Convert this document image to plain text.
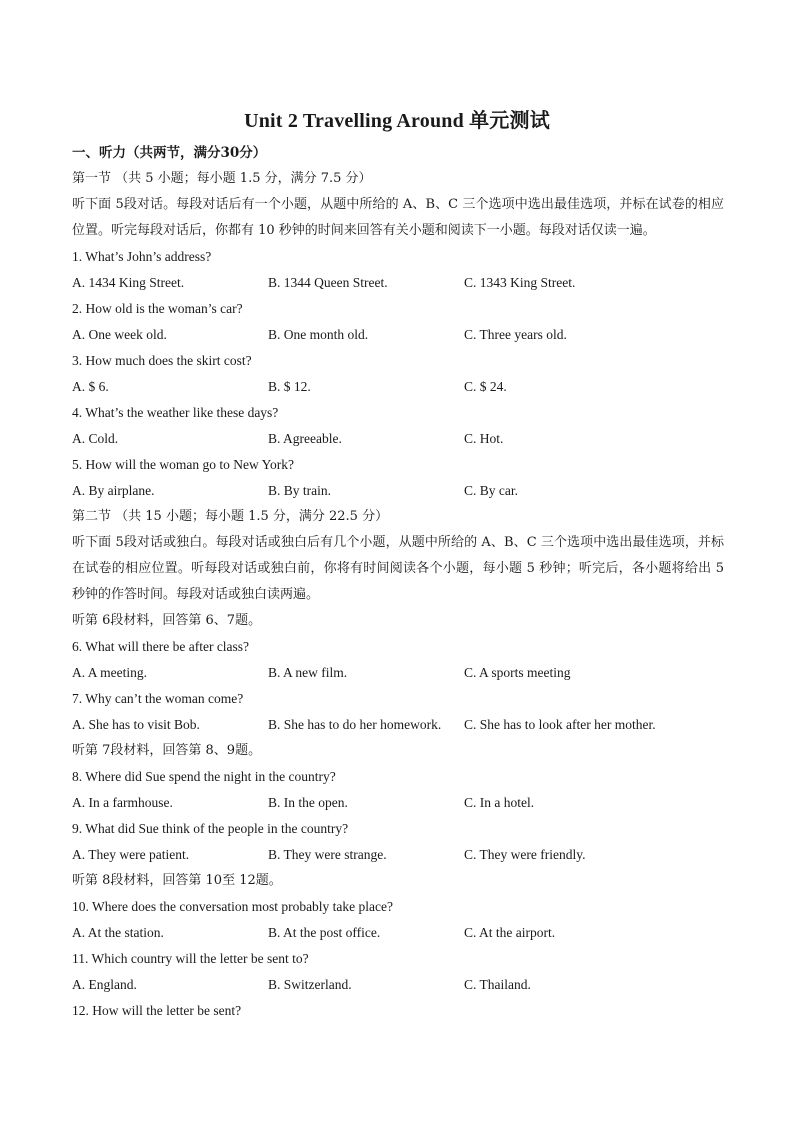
Unit 2 Travelling Around 单元测试
一、听力（共两节，满分30分）
第一节 （共 5 小题；每小题 1.5 分，满分 7.5 分）
听下面 5段对话。每段对话后有一个小题，从题中所给的 A、B、C 三个选项中选出最佳选项，并标在试卷的相应位置。听完每段对话后，你都有 10 秒钟的时间来回答有关小题和阅读下一小题。每段对话仅读一遍。
1. What’s John’s address?
A. 1434 King Street.	B. 1344 Queen Street.	C. 1343 King Street.
2. How old is the woman’s car?
A. One week old.	B. One month old.	C. Three years old.
3. How much does the skirt cost?
A. $ 6.	B. $ 12.	C. $ 24.
4. What’s the weather like these days?
A. Cold.	B. Agreeable.	C. Hot.
5. How will the woman go to New York?
A. By airplane.	B. By train.	C. By car.
第二节 （共 15 小题；每小题 1.5 分，满分 22.5 分）
听下面 5段对话或独白。每段对话或独白后有几个小题，从题中所给的 A、B、C 三个选项中选出最佳选项，并标在试卷的相应位置。听每段对话或独白前，你将有时间阅读各个小题，每小题 5 秒钟；听完后，各小题将给出 5 秒钟的作答时间。每段对话或独白读两遍。
听第 6段材料，回答第 6、7题。
6. What will there be after class?
A. A meeting.	B. A new film.	C. A sports meeting
7. Why can’t the woman come?
A. She has to visit Bob.	B. She has to do her homework. C. She has to look after her mother.
听第 7段材料，回答第 8、9题。
8. Where did Sue spend the night in the country?
A. In a farmhouse.	B. In the open.	C. In a hotel.
9. What did Sue think of the people in the country?
A. They were patient.	B. They were strange.	C. They were friendly.
听第 8段材料，回答第 10至 12题。
10. Where does the conversation most probably take place?
A. At the station.	B. At the post office.	C. At the airport.
11. Which country will the letter be sent to?
A. England.	B. Switzerland.	C. Thailand.
12. How will the letter be sent?
